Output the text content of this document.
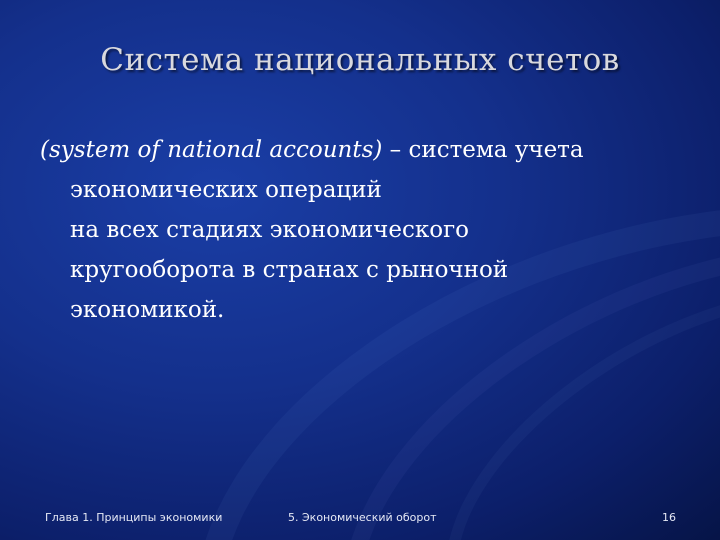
Система национальных счетов
(system of national accounts) – система учета
экономических операций
на всех стадиях экономического
кругооборота в странах с рыночной
экономикой.
Глава 1. Принципы экономики	5. Экономический оборот	16
